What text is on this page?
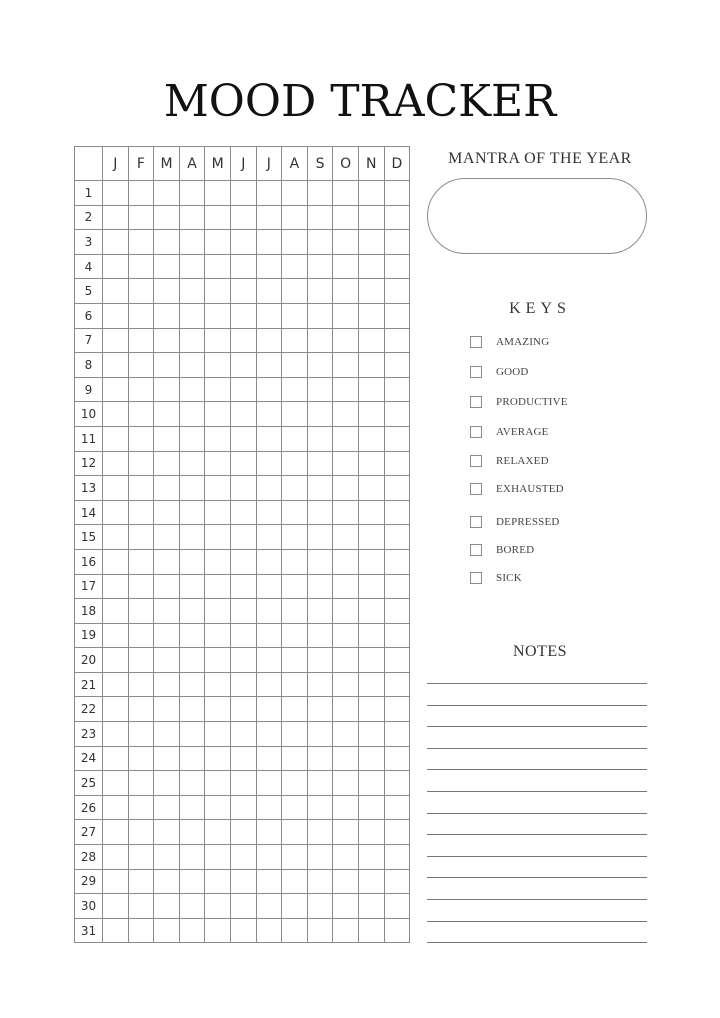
MOOD TRACKER
	J	F	M	A	M	J	J	A	S	O	N	D
1												
2												
3												
4												
5												
6												
7												
8												
9												
10												
11												
12												
13												
14												
15												
16												
17												
18												
19												
20												
21												
22												
23												
24												
25												
26												
27												
28												
29												
30												
31												
MANTRA OF THE YEAR
KEYS
AMAZING
GOOD
PRODUCTIVE
AVERAGE
RELAXED
EXHAUSTED
DEPRESSED
BORED
SICK
NOTES
